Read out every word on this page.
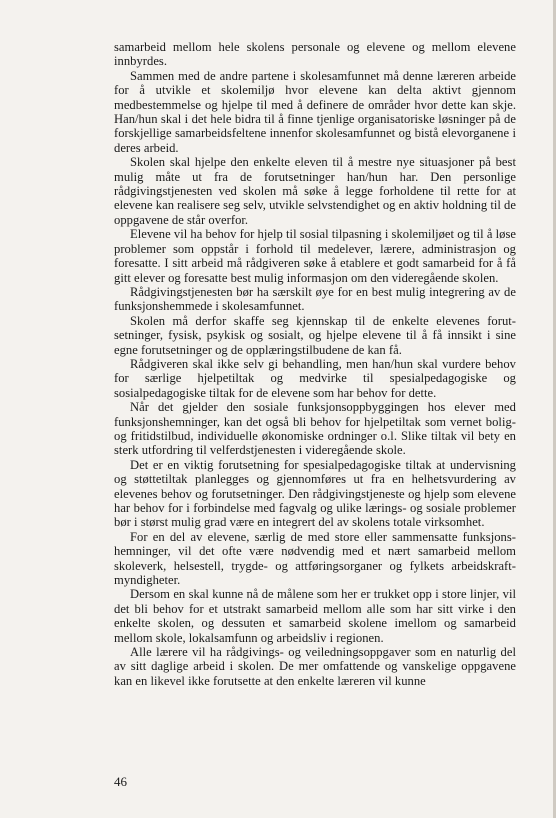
samarbeid mellom hele skolens personale og elevene og mellom elevene innbyrdes.

Sammen med de andre partene i skolesamfunnet må denne læreren arbeide for å utvikle et skolemiljø hvor elevene kan delta aktivt gjennom medbestemmelse og hjelpe til med å definere de områder hvor dette kan skje. Han/hun skal i det hele bidra til å finne tjenlige organisatoriske løsninger på de forskjellige samarbeidsfeltene innenfor skolesamfunnet og bistå elevorganene i deres arbeid.

Skolen skal hjelpe den enkelte eleven til å mestre nye situasjoner på best mulig måte ut fra de forutsetninger han/hun har. Den personlige rådgivingstjenesten ved skolen må søke å legge forholdene til rette for at elevene kan realisere seg selv, utvikle selvstendighet og en aktiv holdning til de oppgavene de står overfor.

Elevene vil ha behov for hjelp til sosial tilpasning i skolemiljøet og til å løse problemer som oppstår i forhold til medelever, lærere, administrasjon og foresatte. I sitt arbeid må rådgiveren søke å etablere et godt samarbeid for å få gitt elever og foresatte best mulig informasjon om den videregående skolen.

Rådgivingstjenesten bør ha særskilt øye for en best mulig integrering av de funksjonshemmede i skolesamfunnet.

Skolen må derfor skaffe seg kjennskap til de enkelte elevenes forutsetninger, fysisk, psykisk og sosialt, og hjelpe elevene til å få innsikt i sine egne forutsetninger og de opplæringstilbudene de kan få.

Rådgiveren skal ikke selv gi behandling, men han/hun skal vurdere behov for særlige hjelpetiltak og medvirke til spesialpedagogiske og sosialpedagogiske tiltak for de elevene som har behov for dette.

Når det gjelder den sosiale funksjonsoppbyggingen hos elever med funksjonshemninger, kan det også bli behov for hjelpetiltak som vernet bolig- og fritidstilbud, individuelle økonomiske ordninger o.l. Slike tiltak vil bety en sterk utfordring til velferdstjenesten i videregående skole.

Det er en viktig forutsetning for spesialpedagogiske tiltak at undervisning og støttetiltak planlegges og gjennomføres ut fra en helhetsvurdering av elevenes behov og forutsetninger. Den rådgivingstjeneste og hjelp som elevene har behov for i forbindelse med fagvalg og ulike lærings- og sosiale problemer bør i størst mulig grad være en integrert del av skolens totale virksomhet.

For en del av elevene, særlig de med store eller sammensatte funksjonshemninger, vil det ofte være nødvendig med et nært samarbeid mellom skoleverk, helsestell, trygde- og attføringsorganer og fylkets arbeidskraftmyndigheter.

Dersom en skal kunne nå de målene som her er trukket opp i store linjer, vil det bli behov for et utstrakt samarbeid mellom alle som har sitt virke i den enkelte skolen, og dessuten et samarbeid skolene imellom og samarbeid mellom skole, lokalsamfunn og arbeidsliv i regionen.

Alle lærere vil ha rådgivings- og veiledningsoppgaver som en naturlig del av sitt daglige arbeid i skolen. De mer omfattende og vanskelige oppgavene kan en likevel ikke forutsette at den enkelte læreren vil kunne

46
